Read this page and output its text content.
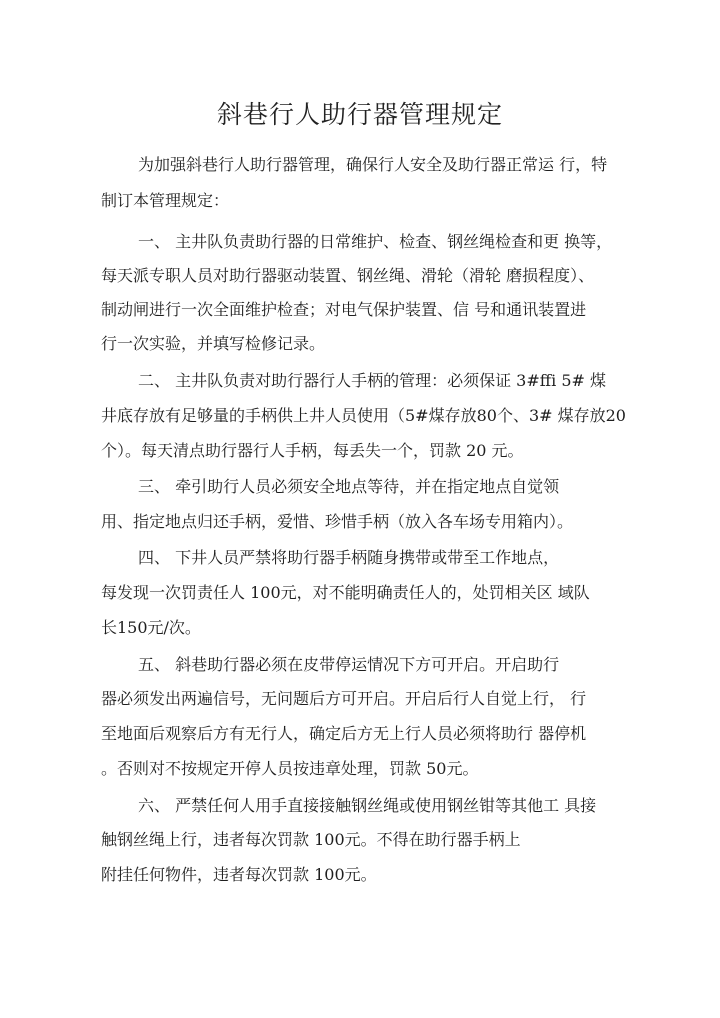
斜巷行人助行器管理规定
为加强斜巷行人助行器管理，确保行人安全及助行器正常运 行，特
制订本管理规定：
一、 主井队负责助行器的日常维护、检查、钢丝绳检查和更 换等，
每天派专职人员对助行器驱动装置、钢丝绳、滑轮（滑轮 磨损程度）、
制动闸进行一次全面维护检查；对电气保护装置、信 号和通讯装置进
行一次实验，并填写检修记录。
二、 主井队负责对助行器行人手柄的管理：必须保证 3#ffi 5# 煤
井底存放有足够量的手柄供上井人员使用（5#煤存放80个、3# 煤存放20
个）。每天清点助行器行人手柄，每丢失一个，罚款 20 元。
三、 牵引助行人员必须安全地点等待，并在指定地点自觉领
用、指定地点归还手柄，爱惜、珍惜手柄（放入各车场专用箱内）。
四、 下井人员严禁将助行器手柄随身携带或带至工作地点，
每发现一次罚责任人 100元，对不能明确责任人的，处罚相关区 域队
长150元/次。
五、 斜巷助行器必须在皮带停运情况下方可开启。开启助行
器必须发出两遍信号，无问题后方可开启。开启后行人自觉上行， 行
至地面后观察后方有无行人，确定后方无上行人员必须将助行 器停机
。否则对不按规定开停人员按违章处理，罚款 50元。
六、 严禁任何人用手直接接触钢丝绳或使用钢丝钳等其他工 具接
触钢丝绳上行，违者每次罚款 100元。不得在助行器手柄上
附挂任何物件，违者每次罚款 100元。
